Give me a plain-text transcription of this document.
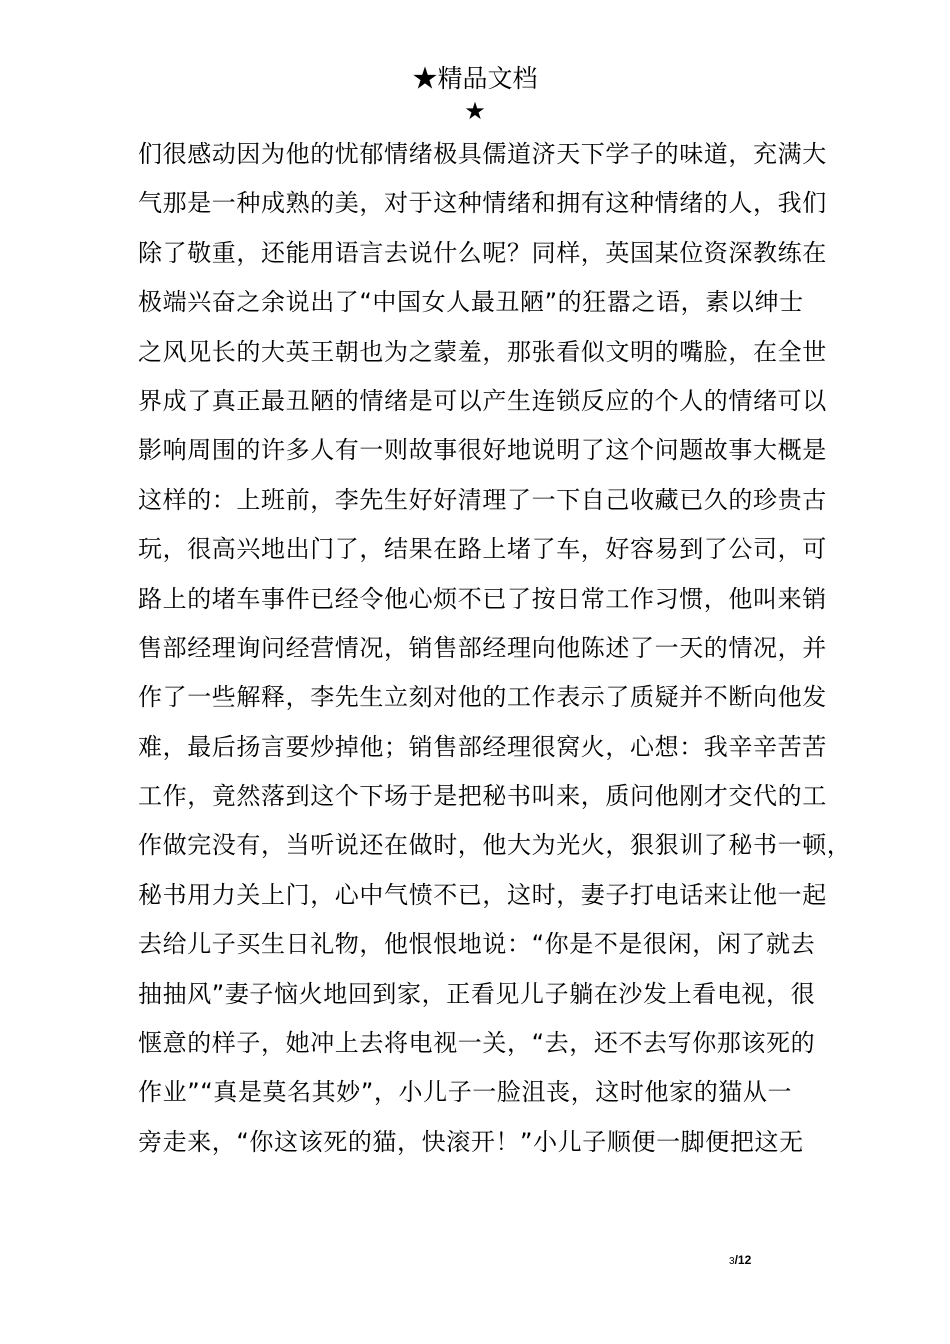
★精品文档
★
们很感动因为他的忧郁情绪极具儒道济天下学子的味道，充满大
气那是一种成熟的美，对于这种情绪和拥有这种情绪的人，我们
除了敬重，还能用语言去说什么呢？同样，英国某位资深教练在
极端兴奋之余说出了“中国女人最丑陋”的狂嚣之语，素以绅士
之风见长的大英王朝也为之蒙羞，那张看似文明的嘴脸，在全世
界成了真正最丑陋的情绪是可以产生连锁反应的个人的情绪可以
影响周围的许多人有一则故事很好地说明了这个问题故事大概是
这样的：上班前，李先生好好清理了一下自己收藏已久的珍贵古
玩，很高兴地出门了，结果在路上堵了车，好容易到了公司，可
路上的堵车事件已经令他心烦不已了按日常工作习惯，他叫来销
售部经理询问经营情况，销售部经理向他陈述了一天的情况，并
作了一些解释，李先生立刻对他的工作表示了质疑并不断向他发
难，最后扬言要炒掉他；销售部经理很窝火，心想：我辛辛苦苦
工作，竟然落到这个下场于是把秘书叫来，质问他刚才交代的工
作做完没有，当听说还在做时，他大为光火，狠狠训了秘书一顿，
秘书用力关上门，心中气愤不已，这时，妻子打电话来让他一起
去给儿子买生日礼物，他恨恨地说：“你是不是很闲，闲了就去
抽抽风”妻子恼火地回到家，正看见儿子躺在沙发上看电视，很
惬意的样子，她冲上去将电视一关，“去，还不去写你那该死的
作业”“真是莫名其妙”，小儿子一脸沮丧，这时他家的猫从一
旁走来，“你这该死的猫，快滚开！”小儿子顺便一脚便把这无
3/12
